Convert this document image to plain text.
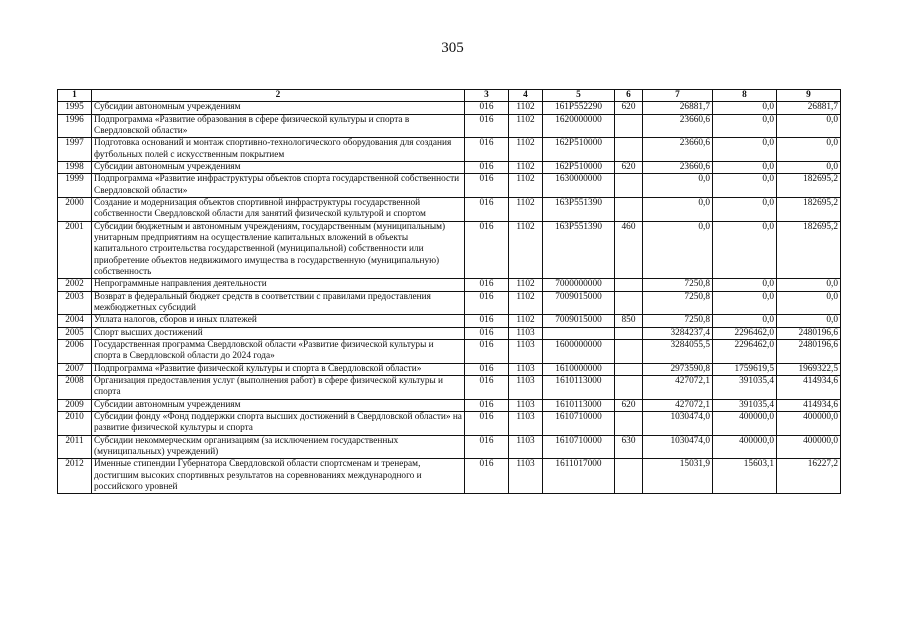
305
1	2	3	4	5	6	7	8	9
1995	Субсидии автономным учреждениям	016	1102	161P552290	620	26881,7	0,0	26881,7
1996	Подпрограмма «Развитие образования в сфере физической культуры и спорта в Свердловской области»	016	1102	1620000000		23660,6	0,0	0,0
1997	Подготовка оснований и монтаж спортивно-технологического оборудования для создания футбольных полей с искусственным покрытием	016	1102	162P510000		23660,6	0,0	0,0
1998	Субсидии автономным учреждениям	016	1102	162P510000	620	23660,6	0,0	0,0
1999	Подпрограмма «Развитие инфраструктуры объектов спорта государственной собственности Свердловской области»	016	1102	1630000000		0,0	0,0	182695,2
2000	Создание и модернизация объектов спортивной инфраструктуры государственной собственности Свердловской области для занятий физической культурой и спортом	016	1102	163P551390		0,0	0,0	182695,2
2001	Субсидии бюджетным и автономным учреждениям, государственным (муниципальным) унитарным предприятиям на осуществление капитальных вложений в объекты капитального строительства государственной (муниципальной) собственности или приобретение объектов недвижимого имущества в государственную (муниципальную) собственность	016	1102	163P551390	460	0,0	0,0	182695,2
2002	Непрограммные направления деятельности	016	1102	7000000000		7250,8	0,0	0,0
2003	Возврат в федеральный бюджет средств в соответствии с правилами предоставления межбюджетных субсидий	016	1102	7009015000		7250,8	0,0	0,0
2004	Уплата налогов, сборов и иных платежей	016	1102	7009015000	850	7250,8	0,0	0,0
2005	Спорт высших достижений	016	1103			3284237,4	2296462,0	2480196,6
2006	Государственная программа Свердловской области «Развитие физической культуры и спорта в Свердловской области до 2024 года»	016	1103	1600000000		3284055,5	2296462,0	2480196,6
2007	Подпрограмма «Развитие физической культуры и спорта в Свердловской области»	016	1103	1610000000		2973590,8	1759619,5	1969322,5
2008	Организация предоставления услуг (выполнения работ) в сфере физической культуры и спорта	016	1103	1610113000		427072,1	391035,4	414934,6
2009	Субсидии автономным учреждениям	016	1103	1610113000	620	427072,1	391035,4	414934,6
2010	Субсидии фонду «Фонд поддержки спорта высших достижений в Свердловской области» на развитие физической культуры и спорта	016	1103	1610710000		1030474,0	400000,0	400000,0
2011	Субсидии некоммерческим организациям (за исключением государственных (муниципальных) учреждений)	016	1103	1610710000	630	1030474,0	400000,0	400000,0
2012	Именные стипендии Губернатора Свердловской области спортсменам и тренерам, достигшим высоких спортивных результатов на соревнованиях международного и российского уровней	016	1103	1611017000		15031,9	15603,1	16227,2
